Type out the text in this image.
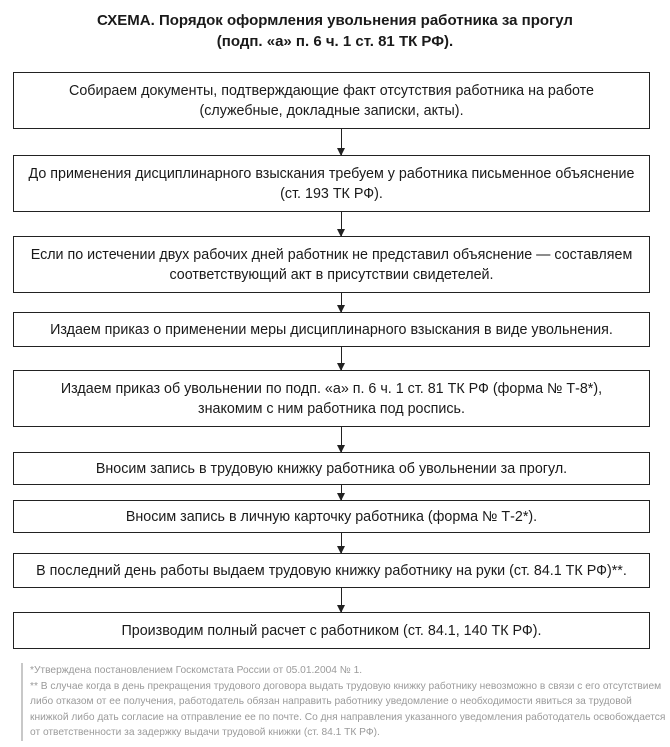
СХЕМА. Порядок оформления увольнения работника за прогул
(подп. «а» п. 6 ч. 1 ст. 81 ТК РФ).
Собираем документы, подтверждающие факт отсутствия работника на работе (служебные, докладные записки, акты).
До применения дисциплинарного взыскания требуем у работника письменное объяснение (ст. 193 ТК РФ).
Если по истечении двух рабочих дней работник не представил объяснение — составляем соответствующий акт в присутствии свидетелей.
Издаем приказ о применении меры дисциплинарного взыскания в виде увольнения.
Издаем приказ об увольнении по подп. «а» п. 6 ч. 1 ст. 81 ТК РФ (форма № Т-8*), знакомим с ним работника под роспись.
Вносим запись в трудовую книжку работника об увольнении за прогул.
Вносим запись в личную карточку работника (форма № Т-2*).
В последний день работы выдаем трудовую книжку работнику на руки (ст. 84.1 ТК РФ)**.
Производим полный расчет с работником (ст. 84.1, 140 ТК РФ).
*Утверждена постановлением Госкомстата России от 05.01.2004 № 1.
** В случае когда в день прекращения трудового договора выдать трудовую книжку работнику невозможно в связи с его отсутствием либо отказом от ее получения, работодатель обязан направить работнику уведомление о необходимости явиться за трудовой книжкой либо дать согласие на отправление ее по почте. Со дня направления указанного уведомления работодатель освобождается от ответственности за задержку выдачи трудовой книжки (ст. 84.1 ТК РФ).
